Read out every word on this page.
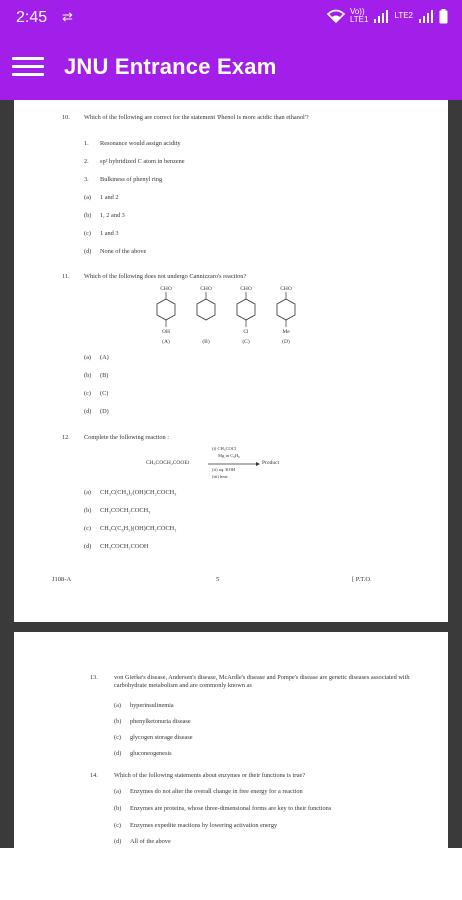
2:45 ⇄	Vo))
LTE1	LTE2
JNU Entrance Exam
10. Which of the following are correct for the statement 'Phenol is more acidic than ethanol'?
1. Resonance would assign acidity
2. sp² hybridized C atom in benzene
3. Bulkiness of phenyl ring
(a) 1 and 2
(b) 1, 2 and 3
(c) 1 and 3
(d) None of the above
11. Which of the following does not undergo Cannizzaro's reaction?
CHO
OH
(A)
CHO
(B)
CHO
Cl
(C)
CHO
Me
(D)
(a) (A)
(b) (B)
(c) (C)
(d) (D)
12. Complete the following reaction :
CH₃COCH₂COOEt
(i) CH₃COCl
Mg in C₆H₆
(ii) aq. KOH
(iii) heat
Product
(a) CH₃C(CH₃)₂(OH)CH₂COCH₃
(b) CH₃COCH₂COCH₃
(c) CH₃C(C₆H₅)(OH)CH₂COCH₃
(d) CH₃COCH₂COOH
J108-A	5	[ P.T.O.
13.	von Gierke's disease, Andersen's disease, McArdle's disease and Pompe's disease are genetic diseases associated with carbohydrate metabolism and are commonly known as
(a) hyperinsulinemia
(b) phenylketonuria disease
(c) glycogen storage disease
(d) gluconeogenesis
14.	Which of the following statements about enzymes or their functions is true?
(a) Enzymes do not alter the overall change in free energy for a reaction
(b) Enzymes are proteins, whose three-dimensional forms are key to their functions
(c) Enzymes expedite reactions by lowering activation energy
(d) All of the above
